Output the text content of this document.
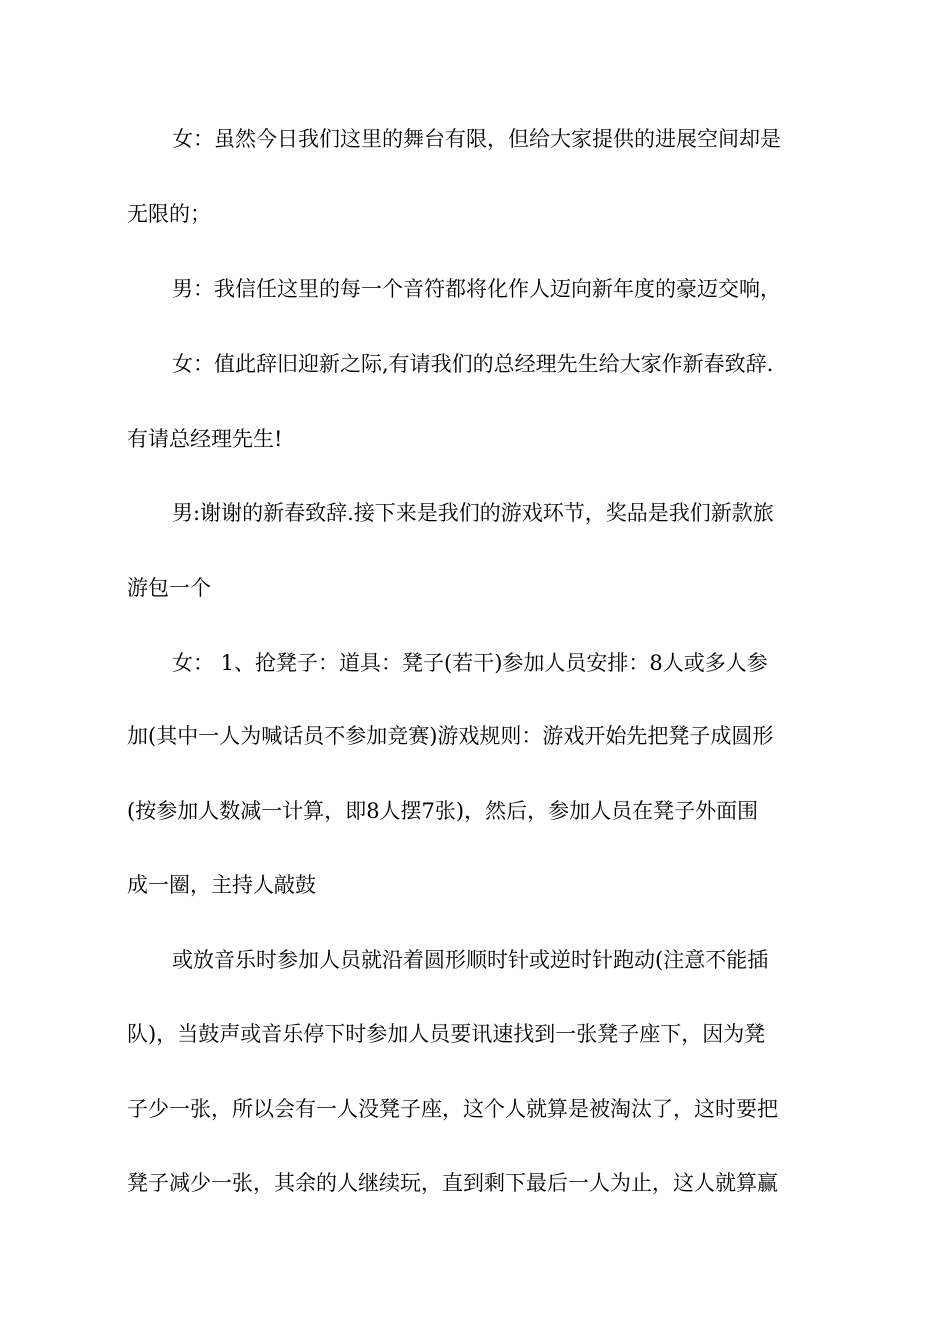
女：虽然今日我们这里的舞台有限，但给大家提供的进展空间却是
无限的；
男：我信任这里的每一个音符都将化作人迈向新年度的豪迈交响，
女：值此辞旧迎新之际,有请我们的总经理先生给大家作新春致辞.
有请总经理先生!
男:谢谢的新春致辞.接下来是我们的游戏环节，奖品是我们新款旅
游包一个
女： 1、抢凳子：道具：凳子(若干)参加人员安排：8人或多人参
加(其中一人为喊话员不参加竞赛)游戏规则：游戏开始先把凳子成圆形
(按参加人数减一计算，即8人摆7张)，然后，参加人员在凳子外面围
成一圈，主持人敲鼓
或放音乐时参加人员就沿着圆形顺时针或逆时针跑动(注意不能插
队)，当鼓声或音乐停下时参加人员要讯速找到一张凳子座下，因为凳
子少一张，所以会有一人没凳子座，这个人就算是被淘汰了，这时要把
凳子减少一张，其余的人继续玩，直到剩下最后一人为止，这人就算赢
